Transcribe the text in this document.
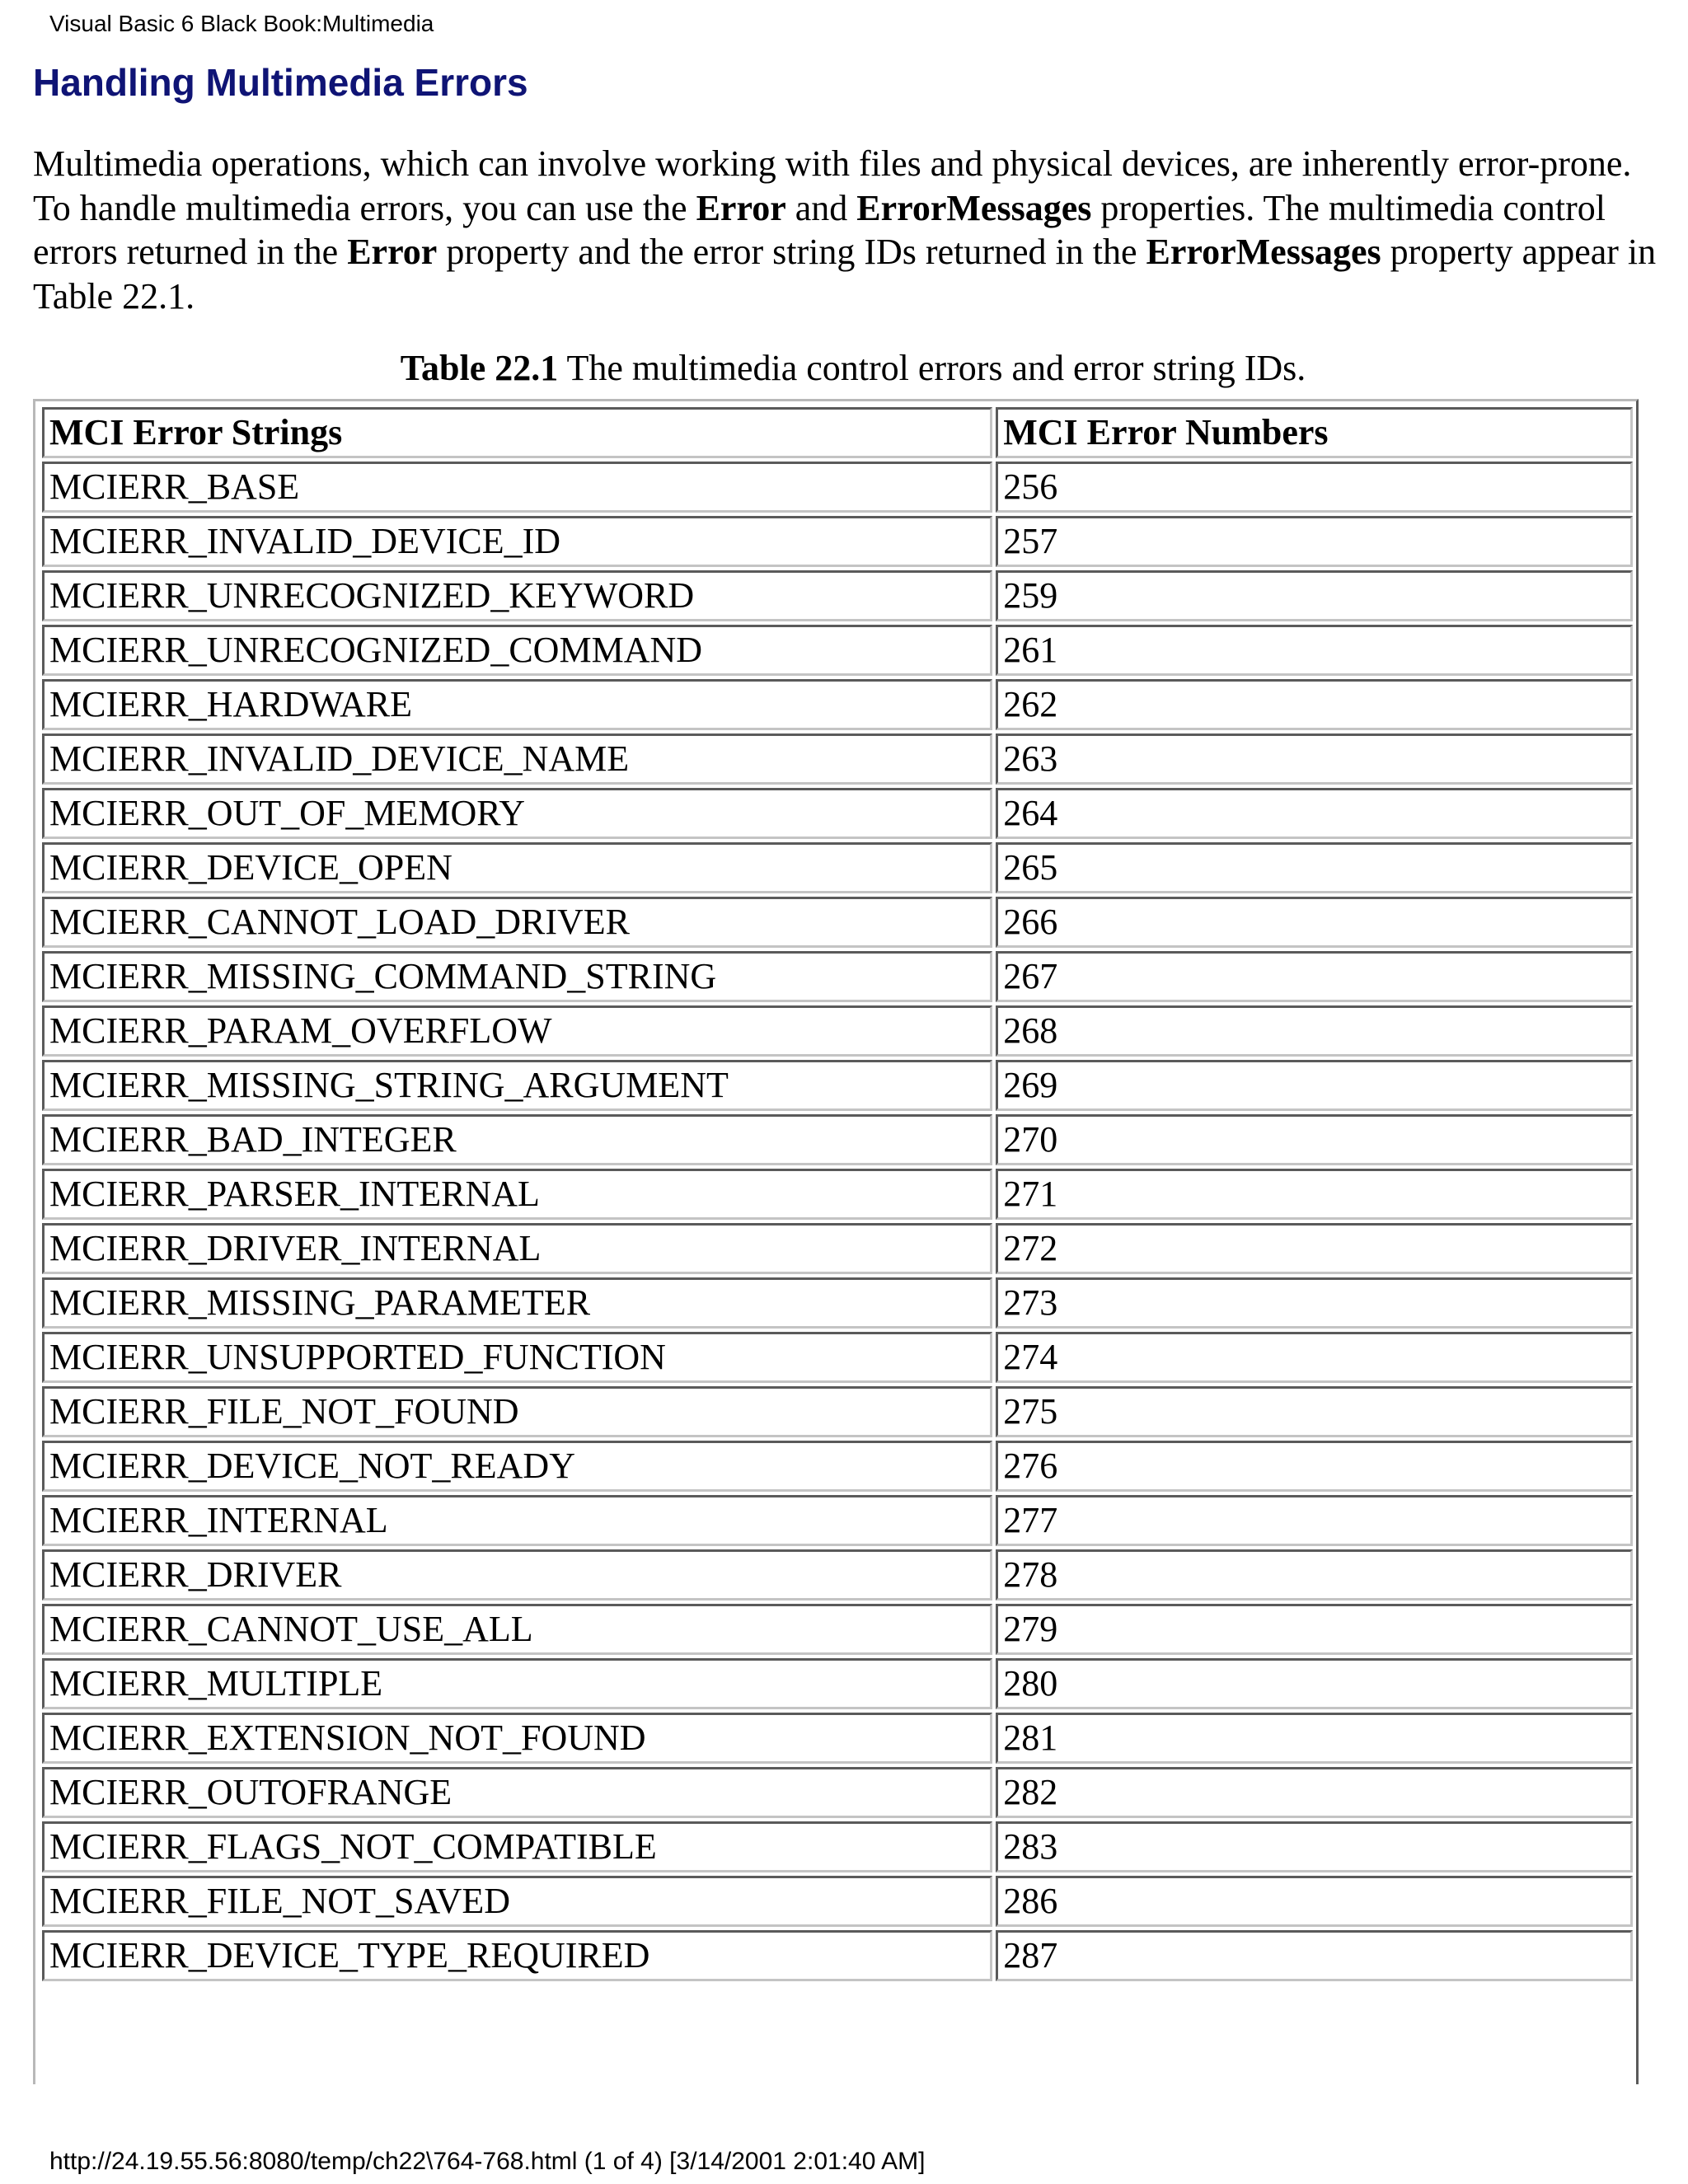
Visual Basic 6 Black Book:Multimedia
Handling Multimedia Errors

Multimedia operations, which can involve working with files and physical devices, are inherently error-prone. To handle multimedia errors, you can use the Error and ErrorMessages properties. The multimedia control errors returned in the Error property and the error string IDs returned in the ErrorMessages property appear in Table 22.1.

Table 22.1 The multimedia control errors and error string IDs.
MCI Error Strings	MCI Error Numbers
MCIERR_BASE	256
MCIERR_INVALID_DEVICE_ID	257
MCIERR_UNRECOGNIZED_KEYWORD	259
MCIERR_UNRECOGNIZED_COMMAND	261
MCIERR_HARDWARE	262
MCIERR_INVALID_DEVICE_NAME	263
MCIERR_OUT_OF_MEMORY	264
MCIERR_DEVICE_OPEN	265
MCIERR_CANNOT_LOAD_DRIVER	266
MCIERR_MISSING_COMMAND_STRING	267
MCIERR_PARAM_OVERFLOW	268
MCIERR_MISSING_STRING_ARGUMENT	269
MCIERR_BAD_INTEGER	270
MCIERR_PARSER_INTERNAL	271
MCIERR_DRIVER_INTERNAL	272
MCIERR_MISSING_PARAMETER	273
MCIERR_UNSUPPORTED_FUNCTION	274
MCIERR_FILE_NOT_FOUND	275
MCIERR_DEVICE_NOT_READY	276
MCIERR_INTERNAL	277
MCIERR_DRIVER	278
MCIERR_CANNOT_USE_ALL	279
MCIERR_MULTIPLE	280
MCIERR_EXTENSION_NOT_FOUND	281
MCIERR_OUTOFRANGE	282
MCIERR_FLAGS_NOT_COMPATIBLE	283
MCIERR_FILE_NOT_SAVED	286
MCIERR_DEVICE_TYPE_REQUIRED	287
http://24.19.55.56:8080/temp/ch22\764-768.html (1 of 4) [3/14/2001 2:01:40 AM]
